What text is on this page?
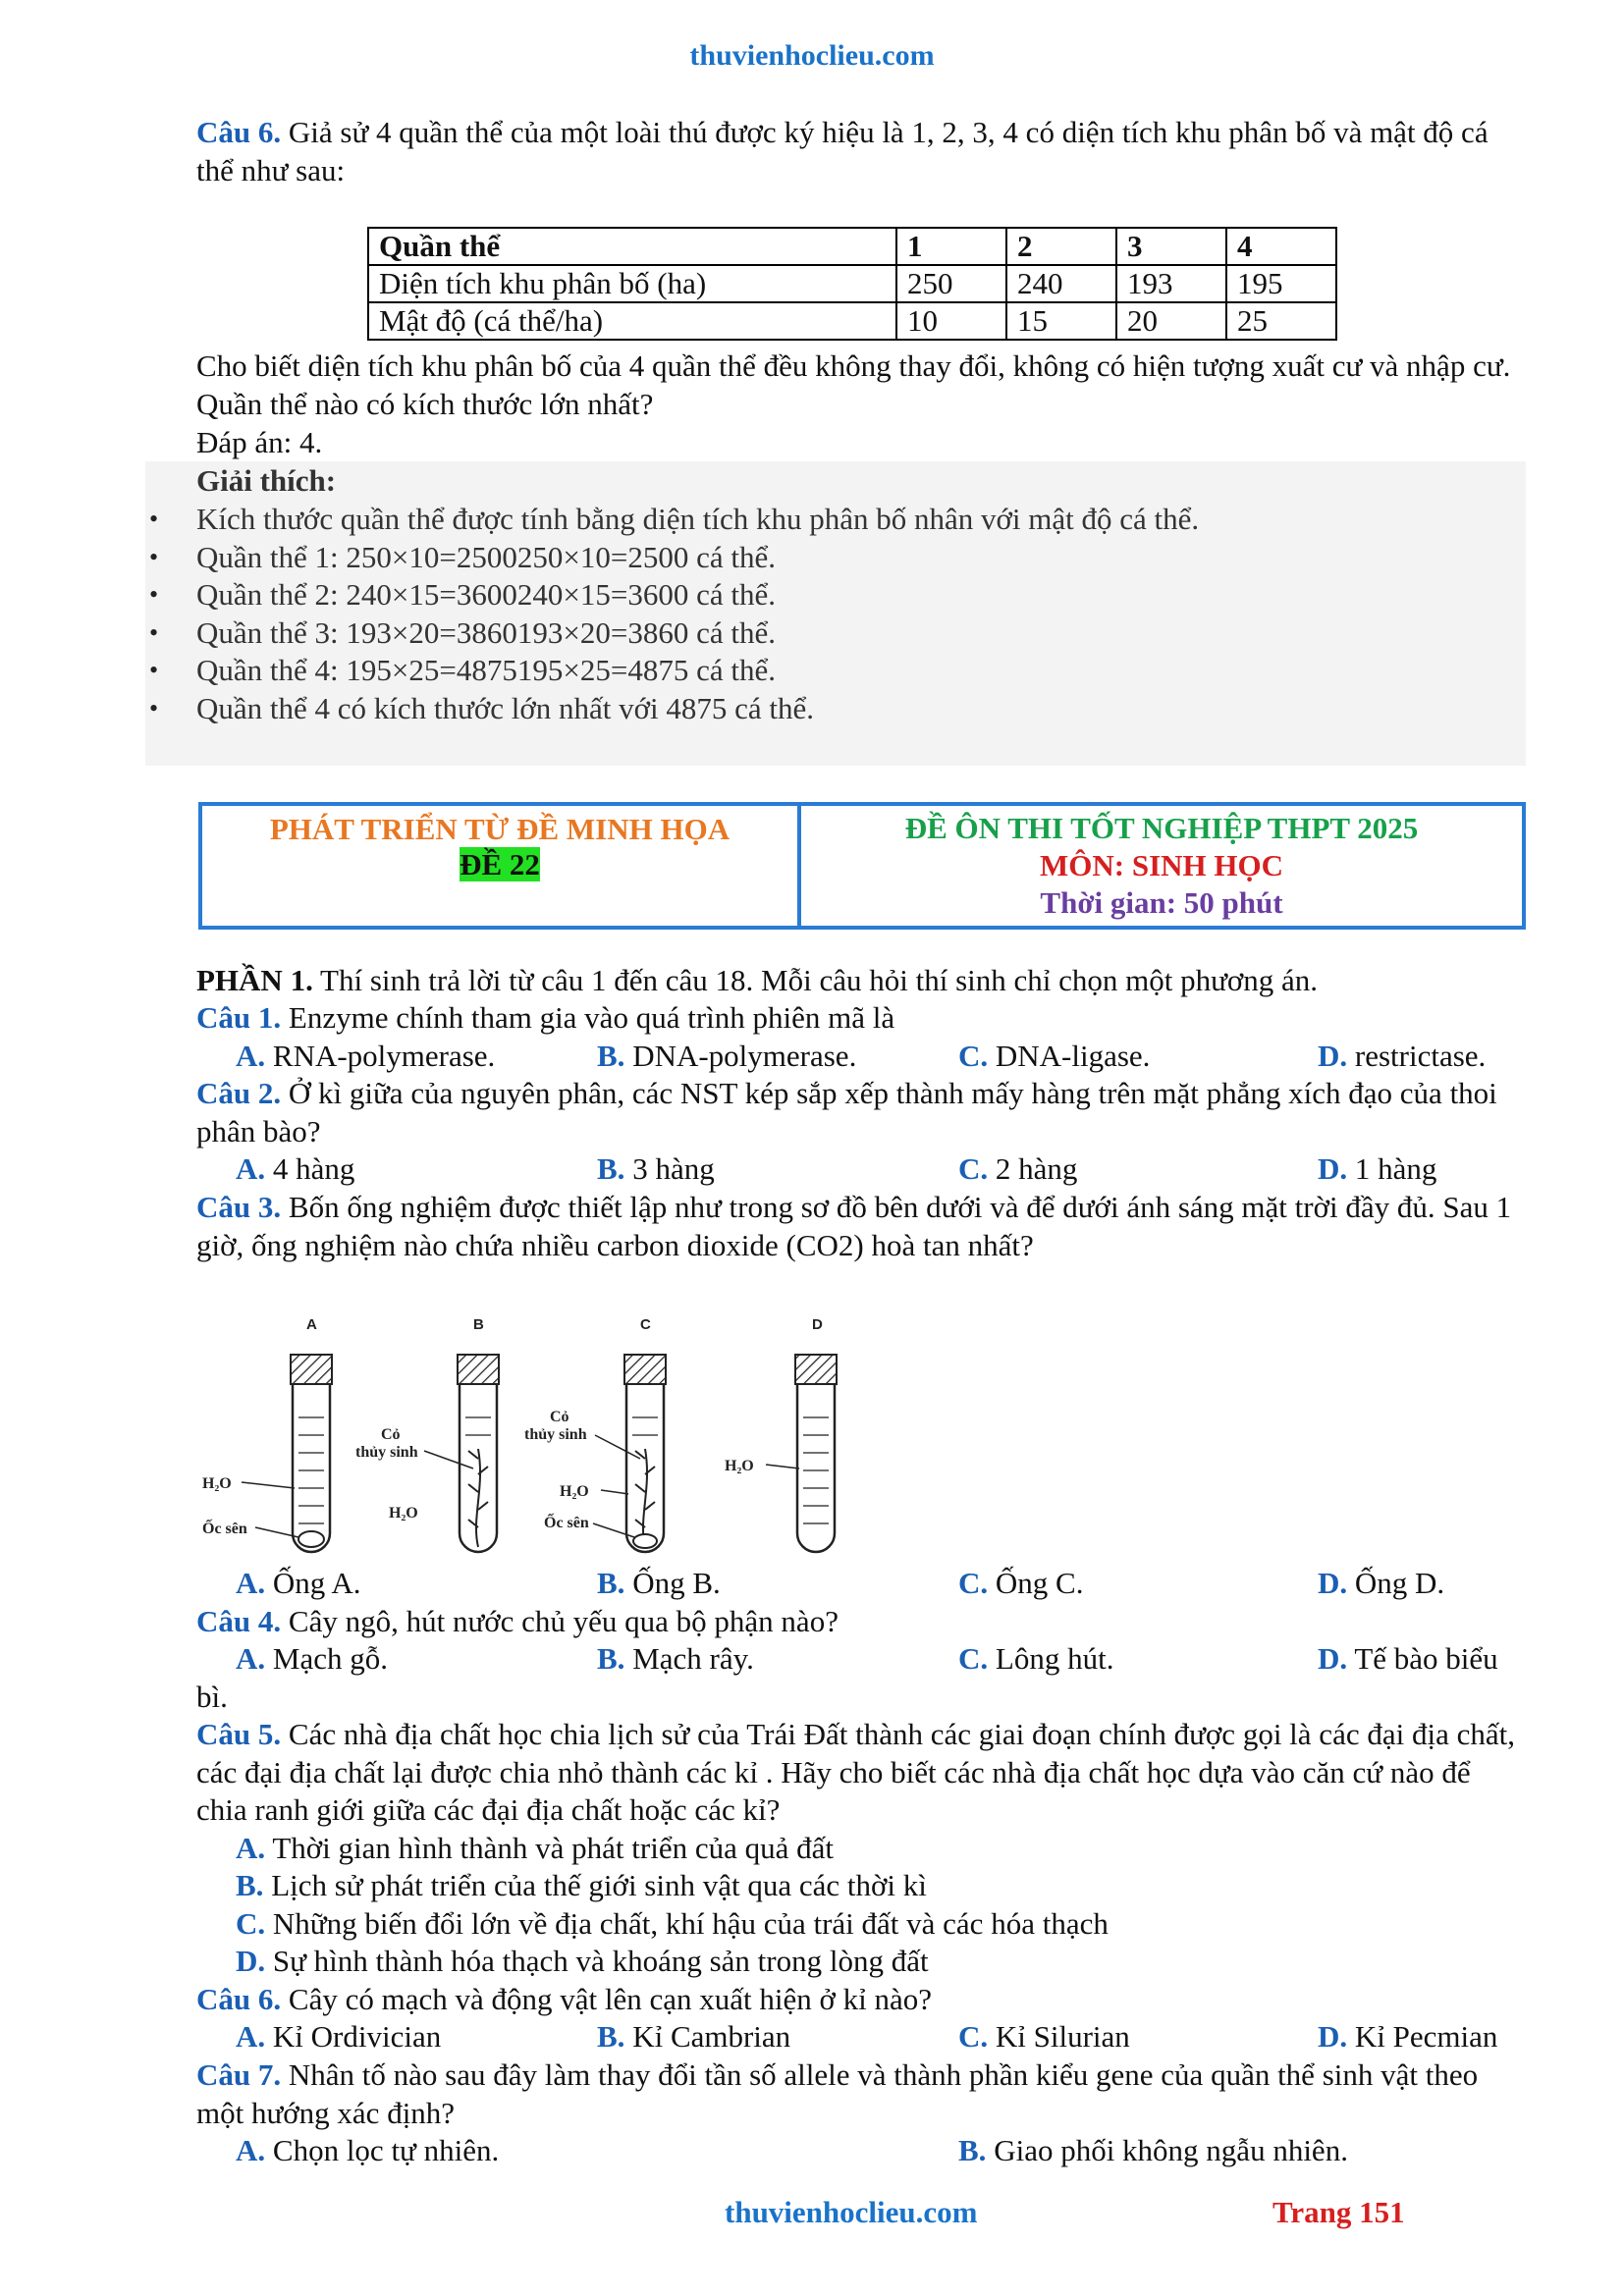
thuvienhoclieu.com
Câu 6. Giả sử 4 quần thể của một loài thú được ký hiệu là 1, 2, 3, 4 có diện tích khu phân bố và mật độ cá thể như sau:
Quần thể	1	2	3	4
Diện tích khu phân bố (ha)	250	240	193	195
Mật độ (cá thể/ha)	10	15	20	25
Cho biết diện tích khu phân bố của 4 quần thể đều không thay đổi, không có hiện tượng xuất cư và nhập cư. Quần thể nào có kích thước lớn nhất?
Đáp án: 4.
Giải thích:
• Kích thước quần thể được tính bằng diện tích khu phân bố nhân với mật độ cá thể.
• Quần thể 1: 250×10=2500250×10=2500 cá thể.
• Quần thể 2: 240×15=3600240×15=3600 cá thể.
• Quần thể 3: 193×20=3860193×20=3860 cá thể.
• Quần thể 4: 195×25=4875195×25=4875 cá thể.
• Quần thể 4 có kích thước lớn nhất với 4875 cá thể.
PHÁT TRIỂN TỪ ĐỀ MINH HỌA
ĐỀ 22
ĐỀ ÔN THI TỐT NGHIỆP THPT 2025
MÔN: SINH HỌC
Thời gian: 50 phút
PHẦN 1. Thí sinh trả lời từ câu 1 đến câu 18. Mỗi câu hỏi thí sinh chỉ chọn một phương án.
Câu 1. Enzyme chính tham gia vào quá trình phiên mã là
A. RNA-polymerase.	B. DNA-polymerase.	C. DNA-ligase.	D. restrictase.
Câu 2. Ở kì giữa của nguyên phân, các NST kép sắp xếp thành mấy hàng trên mặt phẳng xích đạo của thoi phân bào?
A. 4 hàng	B. 3 hàng	C. 2 hàng	D. 1 hàng
Câu 3. Bốn ống nghiệm được thiết lập như trong sơ đồ bên dưới và để dưới ánh sáng mặt trời đầy đủ. Sau 1 giờ, ống nghiệm nào chứa nhiều carbon dioxide (CO2) hoà tan nhất?
A	B	C	D
H₂O
Ốc sên
Cỏ
thủy sinh
H₂O
Cỏ
thủy sinh
H₂O
Ốc sên
H₂O
A. Ống A.	B. Ống B.	C. Ống C.	D. Ống D.
Câu 4. Cây ngô, hút nước chủ yếu qua bộ phận nào?
A. Mạch gỗ.	B. Mạch rây.	C. Lông hút.	D. Tế bào biểu
bì.
Câu 5. Các nhà địa chất học chia lịch sử của Trái Đất thành các giai đoạn chính được gọi là các đại địa chất, các đại địa chất lại được chia nhỏ thành các kỉ . Hãy cho biết các nhà địa chất học dựa vào căn cứ nào để chia ranh giới giữa các đại địa chất hoặc các kỉ?
A. Thời gian hình thành và phát triển của quả đất
B. Lịch sử phát triển của thế giới sinh vật qua các thời kì
C. Những biến đổi lớn về địa chất, khí hậu của trái đất và các hóa thạch
D. Sự hình thành hóa thạch và khoáng sản trong lòng đất
Câu 6. Cây có mạch và động vật lên cạn xuất hiện ở kỉ nào?
A. Kỉ Ordivician	B. Kỉ Cambrian	C. Kỉ Silurian	D. Kỉ Pecmian
Câu 7. Nhân tố nào sau đây làm thay đổi tần số allele và thành phần kiểu gene của quần thể sinh vật theo một hướng xác định?
A. Chọn lọc tự nhiên.	B. Giao phối không ngẫu nhiên.
thuvienhoclieu.com	Trang 151
